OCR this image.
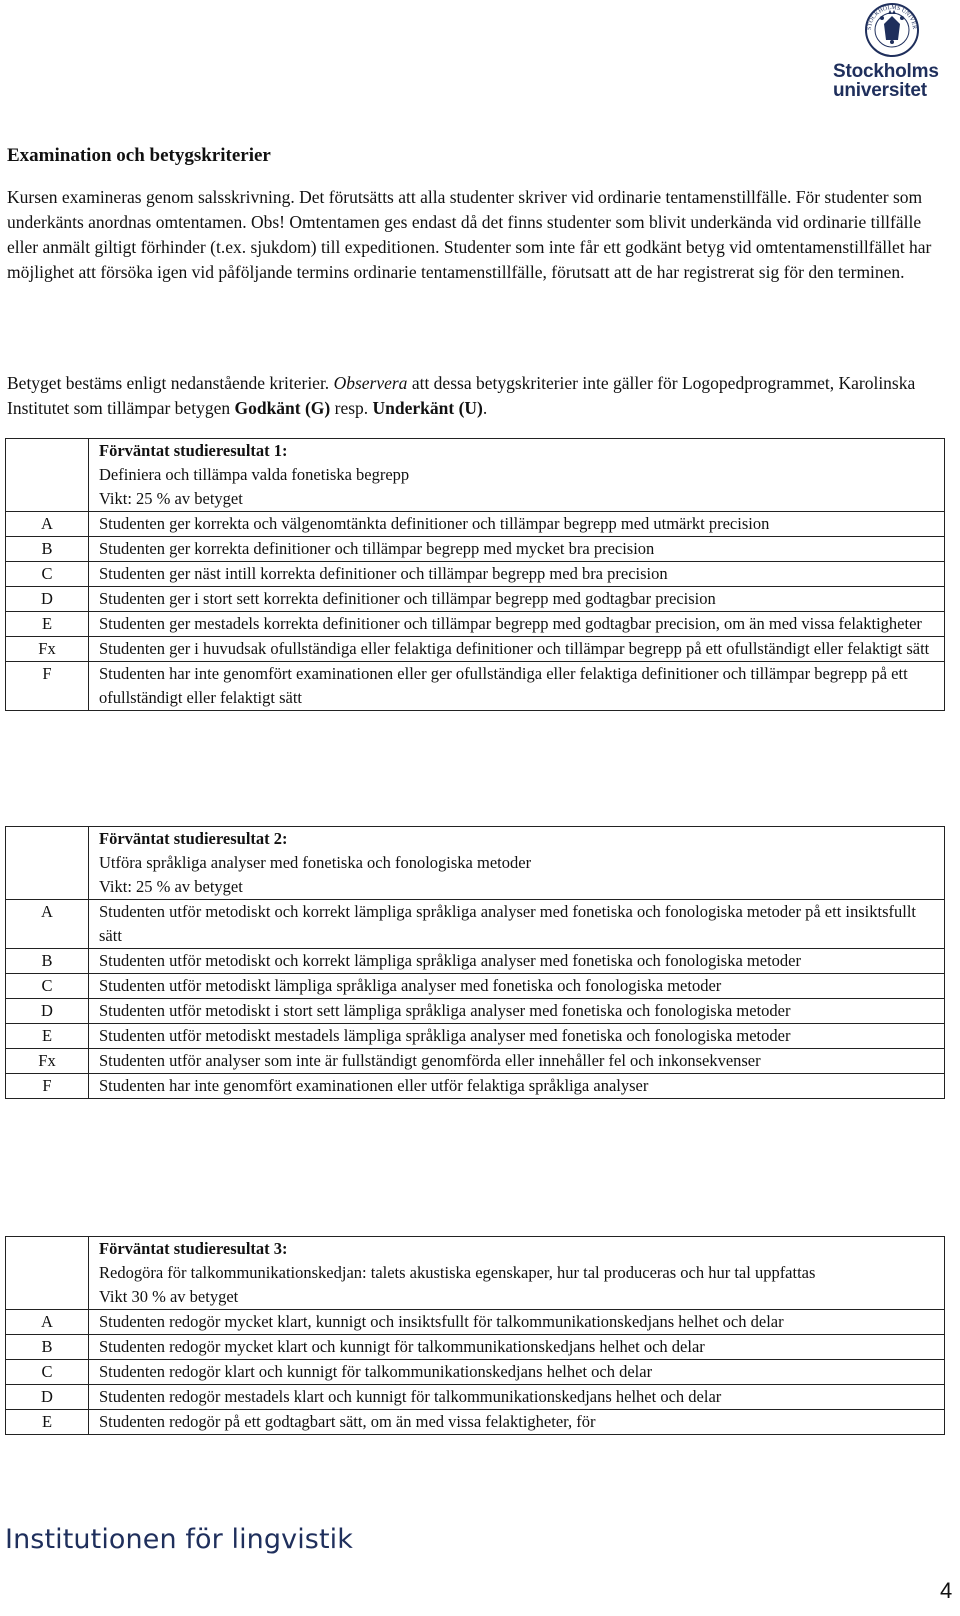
STOCKHOLMS UNIVER
Stockholms
universitet
Examination och betygskriterier
Kursen examineras genom salsskrivning. Det förutsätts att alla studenter skriver vid ordinarie tentamenstillfälle. För studenter som underkänts anordnas omtentamen. Obs! Omtentamen ges endast då det finns studenter som blivit underkända vid ordinarie tillfälle eller anmält giltigt förhinder (t.ex. sjukdom) till expeditionen. Studenter som inte får ett godkänt betyg vid omtentamenstillfället har möjlighet att försöka igen vid påföljande termins ordinarie tentamenstillfälle, förutsatt att de har registrerat sig för den terminen.
Betyget bestäms enligt nedanstående kriterier. Observera att dessa betygskriterier inte gäller för Logopedprogrammet, Karolinska Institutet som tillämpar betygen Godkänt (G) resp. Underkänt (U).

	Förväntat studieresultat 1:
Definiera och tillämpa valda fonetiska begrepp
Vikt: 25 % av betyget

A	Studenten ger korrekta och välgenomtänkta definitioner och tillämpar begrepp med utmärkt precision
B	Studenten ger korrekta definitioner och tillämpar begrepp med mycket bra precision
C	Studenten ger näst intill korrekta definitioner och tillämpar begrepp med bra precision
D	Studenten ger i stort sett korrekta definitioner och tillämpar begrepp med godtagbar precision
E	Studenten ger mestadels korrekta definitioner och tillämpar begrepp med godtagbar precision, om än med vissa felaktigheter
Fx	Studenten ger i huvudsak ofullständiga eller felaktiga definitioner och tillämpar begrepp på ett ofullständigt eller felaktigt sätt
F	Studenten har inte genomfört examinationen eller ger ofullständiga eller felaktiga definitioner och tillämpar begrepp på ett ofullständigt eller felaktigt sätt

	Förväntat studieresultat 2:
Utföra språkliga analyser med fonetiska och fonologiska metoder
Vikt: 25 % av betyget

A	Studenten utför metodiskt och korrekt lämpliga språkliga analyser med fonetiska och fonologiska metoder på ett insiktsfullt sätt
B	Studenten utför metodiskt och korrekt lämpliga språkliga analyser med fonetiska och fonologiska metoder
C	Studenten utför metodiskt lämpliga språkliga analyser med fonetiska och fonologiska metoder
D	Studenten utför metodiskt i stort sett lämpliga språkliga analyser med fonetiska och fonologiska metoder
E	Studenten utför metodiskt mestadels lämpliga språkliga analyser med fonetiska och fonologiska metoder
Fx	Studenten utför analyser som inte är fullständigt genomförda eller innehåller fel och inkonsekvenser
F	Studenten har inte genomfört examinationen eller utför felaktiga språkliga analyser

	Förväntat studieresultat 3:
Redogöra för talkommunikationskedjan: talets akustiska egenskaper, hur tal produceras och hur tal uppfattas
Vikt 30 % av betyget

A	Studenten redogör mycket klart, kunnigt och insiktsfullt för talkommunikationskedjans helhet och delar
B	Studenten redogör mycket klart och kunnigt för talkommunikationskedjans helhet och delar
C	Studenten redogör klart och kunnigt för talkommunikationskedjans helhet och delar
D	Studenten redogör mestadels klart och kunnigt för talkommunikationskedjans helhet och delar
E	Studenten redogör på ett godtagbart sätt, om än med vissa felaktigheter, för
Institutionen för lingvistik
4
